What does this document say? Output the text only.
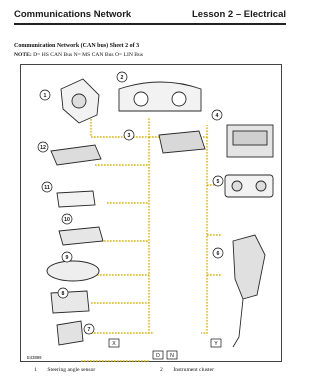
Communications Network	Lesson 2 – Electrical
Communication Network (CAN bus) Sheet 2 of 3
NOTE: D= HS CAN Bus N= MS CAN Bus O= LIN Bus
1
2
3
4
5
6
7
8
9
10
11
12
X	Y
D N
E43899
1 Steering angle sensor	2 Instrument cluster
